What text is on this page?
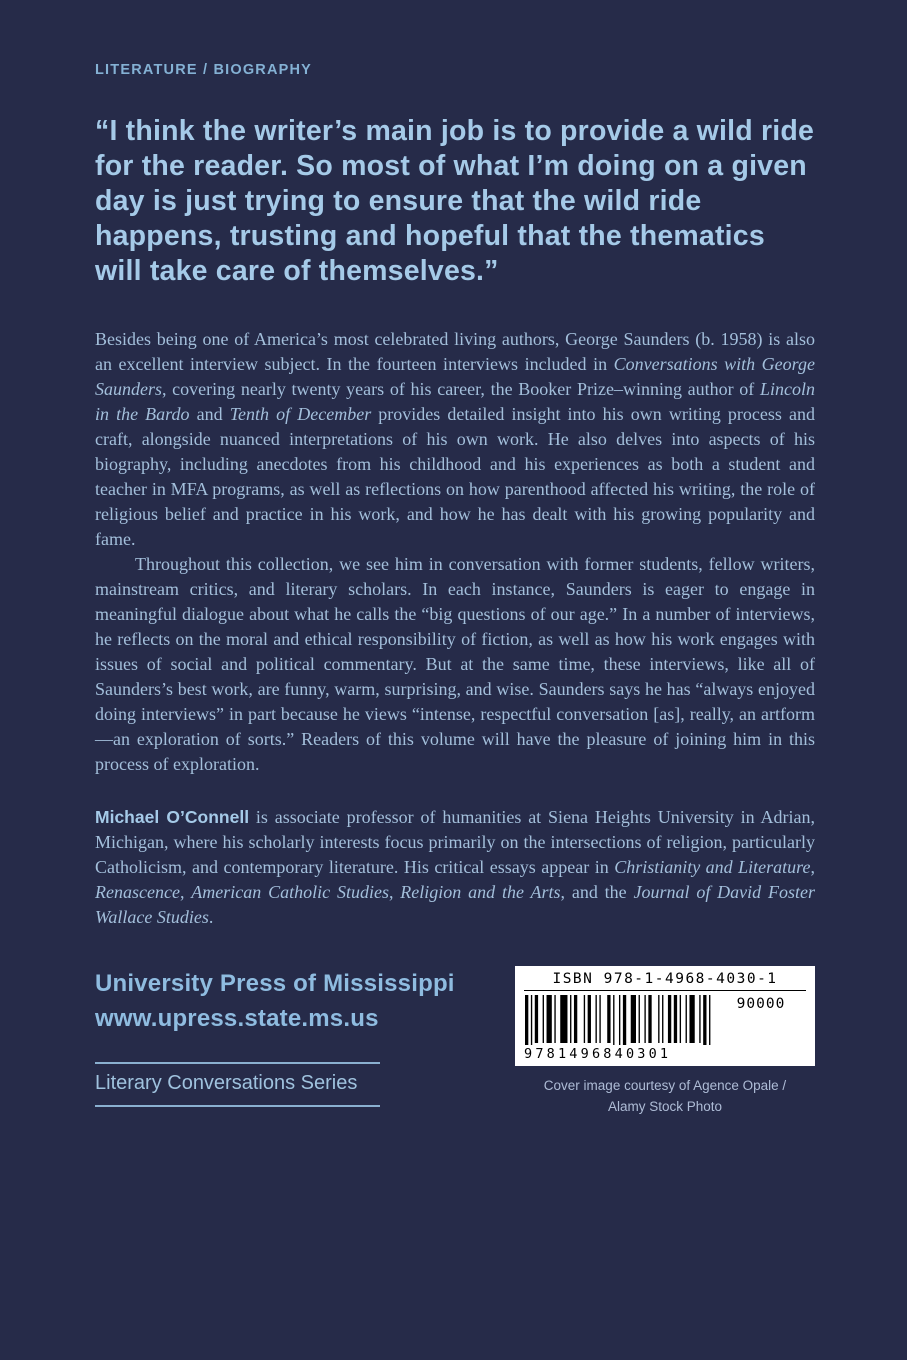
LITERATURE / BIOGRAPHY
“I think the writer’s main job is to provide a wild ride for the reader. So most of what I’m doing on a given day is just trying to ensure that the wild ride happens, trusting and hopeful that the thematics will take care of themselves.”

Besides being one of America’s most celebrated living authors, George Saunders (b. 1958) is also an excellent interview subject. In the fourteen interviews included in Conversations with George Saunders, covering nearly twenty years of his career, the Booker Prize–winning author of Lincoln in the Bardo and Tenth of December provides detailed insight into his own writing process and craft, alongside nuanced interpretations of his own work. He also delves into aspects of his biography, including anecdotes from his childhood and his experiences as both a student and teacher in MFA programs, as well as reflections on how parenthood affected his writing, the role of religious belief and practice in his work, and how he has dealt with his growing popularity and fame.

Throughout this collection, we see him in conversation with former students, fellow writers, mainstream critics, and literary scholars. In each instance, Saunders is eager to engage in meaningful dialogue about what he calls the “big questions of our age.” In a number of interviews, he reflects on the moral and ethical responsibility of fiction, as well as how his work engages with issues of social and political commentary. But at the same time, these interviews, like all of Saunders’s best work, are funny, warm, surprising, and wise. Saunders says he has “always enjoyed doing interviews” in part because he views “intense, respectful conversation [as], really, an artform—an exploration of sorts.” Readers of this volume will have the pleasure of joining him in this process of exploration.

Michael O’Connell is associate professor of humanities at Siena Heights University in Adrian, Michigan, where his scholarly interests focus primarily on the intersections of religion, particularly Catholicism, and contemporary literature. His critical essays appear in Christianity and Literature, Renascence, American Catholic Studies, Religion and the Arts, and the Journal of David Foster Wallace Studies.
University Press of Mississippi
www.upress.state.ms.us
Literary Conversations Series
ISBN 978-1-4968-4030-1
9781496840301
90000
Cover image courtesy of Agence Opale /
Alamy Stock Photo
